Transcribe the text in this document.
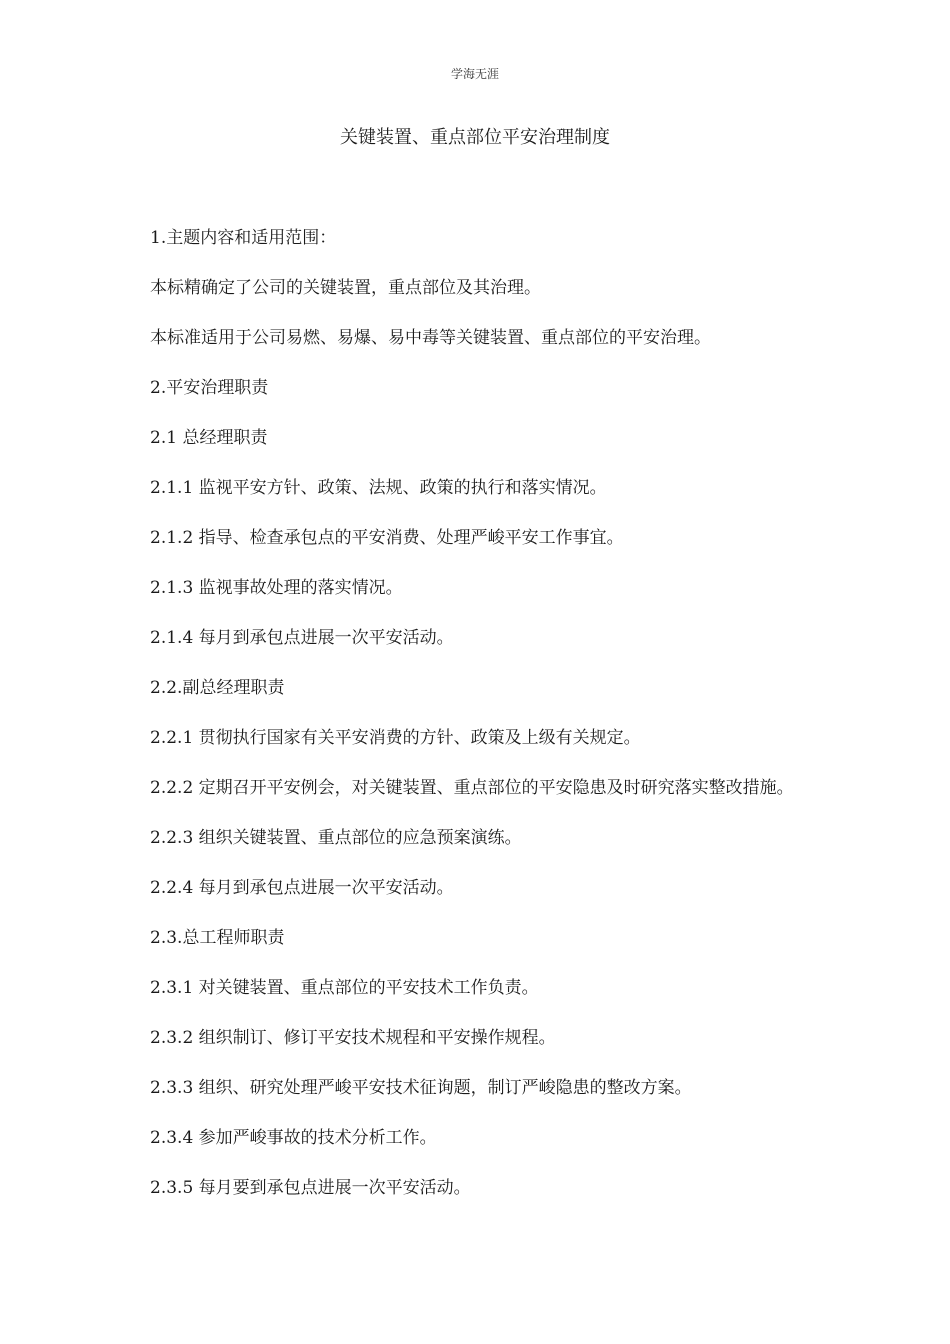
学海无涯
关键装置、重点部位平安治理制度

1.主题内容和适用范围：

本标精确定了公司的关键装置，重点部位及其治理。

本标准适用于公司易燃、易爆、易中毒等关键装置、重点部位的平安治理。

2.平安治理职责

2.1 总经理职责

2.1.1 监视平安方针、政策、法规、政策的执行和落实情况。

2.1.2 指导、检查承包点的平安消费、处理严峻平安工作事宜。

2.1.3 监视事故处理的落实情况。

2.1.4 每月到承包点进展一次平安活动。

2.2.副总经理职责

2.2.1 贯彻执行国家有关平安消费的方针、政策及上级有关规定。

2.2.2 定期召开平安例会，对关键装置、重点部位的平安隐患及时研究落实整改措施。

2.2.3 组织关键装置、重点部位的应急预案演练。

2.2.4 每月到承包点进展一次平安活动。

2.3.总工程师职责

2.3.1 对关键装置、重点部位的平安技术工作负责。

2.3.2 组织制订、修订平安技术规程和平安操作规程。

2.3.3 组织、研究处理严峻平安技术征询题，制订严峻隐患的整改方案。

2.3.4 参加严峻事故的技术分析工作。

2.3.5 每月要到承包点进展一次平安活动。
